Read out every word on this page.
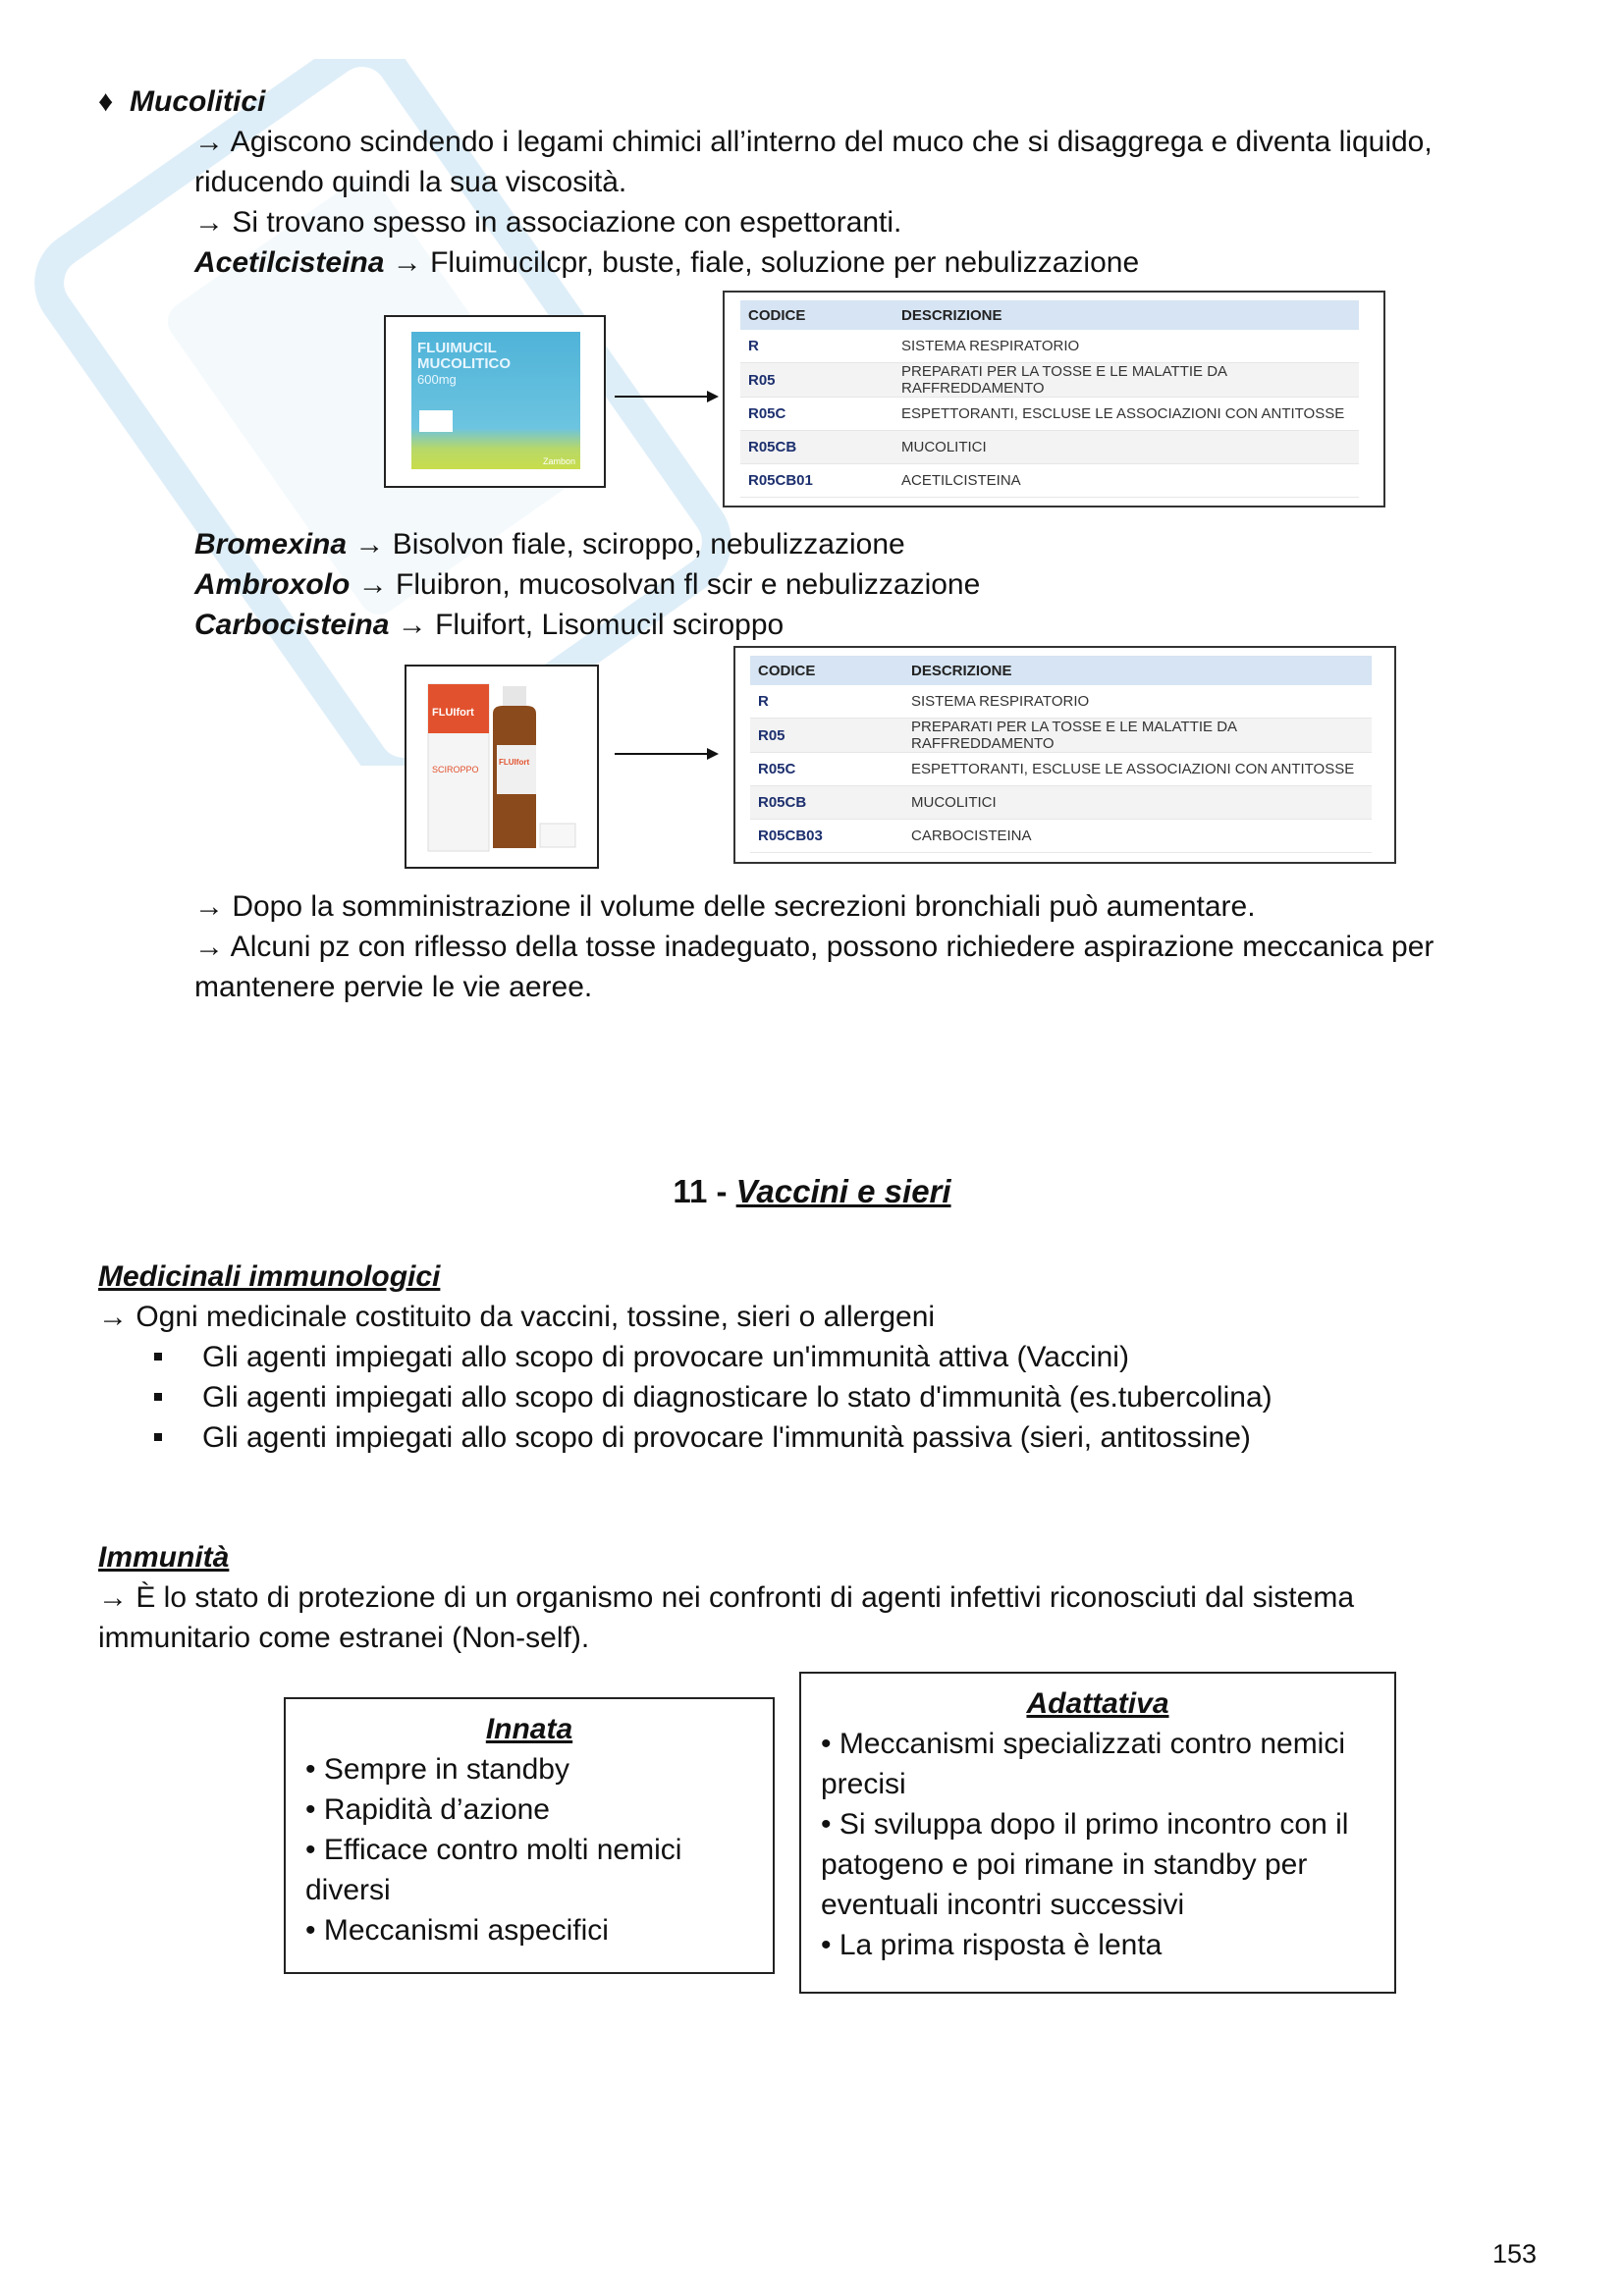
♦ Mucolitici
→ Agiscono scindendo i legami chimici all’interno del muco che si disaggrega e diventa liquido,
riducendo quindi la sua viscosità.
→ Si trovano spesso in associazione con espettoranti.
Acetilcisteina → Fluimucilcpr, buste, fiale, soluzione per nebulizzazione
FLUIMUCIL
MUCOLITICO
600mg
Zambon
CODICE	DESCRIZIONE
R	SISTEMA RESPIRATORIO
R05	PREPARATI PER LA TOSSE E LE MALATTIE DA RAFFREDDAMENTO
R05C	ESPETTORANTI, ESCLUSE LE ASSOCIAZIONI CON ANTITOSSE
R05CB	MUCOLITICI
R05CB01	ACETILCISTEINA
Bromexina → Bisolvon fiale, sciroppo, nebulizzazione
Ambroxolo → Fluibron, mucosolvan fl scir e nebulizzazione
Carbocisteina → Fluifort, Lisomucil sciroppo
FLUIfort
SCIROPPO
FLUIfort
CODICE	DESCRIZIONE
R	SISTEMA RESPIRATORIO
R05	PREPARATI PER LA TOSSE E LE MALATTIE DA RAFFREDDAMENTO
R05C	ESPETTORANTI, ESCLUSE LE ASSOCIAZIONI CON ANTITOSSE
R05CB	MUCOLITICI
R05CB03	CARBOCISTEINA
→ Dopo la somministrazione il volume delle secrezioni bronchiali può aumentare.
→ Alcuni pz con riflesso della tosse inadeguato, possono richiedere aspirazione meccanica per
mantenere pervie le vie aeree.
11 - Vaccini e sieri
Medicinali immunologici
→ Ogni medicinale costituito da vaccini, tossine, sieri o allergeni
Gli agenti impiegati allo scopo di provocare un'immunità attiva (Vaccini)
Gli agenti impiegati allo scopo di diagnosticare lo stato d'immunità (es.tubercolina)
Gli agenti impiegati allo scopo di provocare l'immunità passiva (sieri, antitossine)
Immunità
→ È lo stato di protezione di un organismo nei confronti di agenti infettivi riconosciuti dal sistema
immunitario come estranei (Non-self).
Innata
• Sempre in standby
• Rapidità d’azione
• Efficace contro molti nemici
diversi
• Meccanismi aspecifici
Adattativa
• Meccanismi specializzati contro nemici
precisi
• Si sviluppa dopo il primo incontro con il
patogeno e poi rimane in standby per
eventuali incontri successivi
• La prima risposta è lenta
153
